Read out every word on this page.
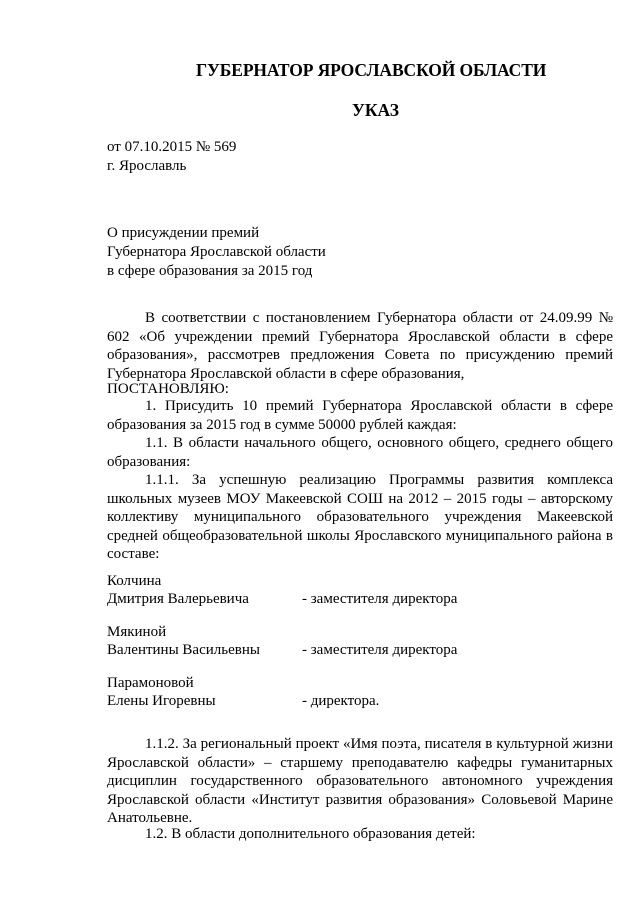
ГУБЕРНАТОР ЯРОСЛАВСКОЙ ОБЛАСТИ
УКАЗ
от 07.10.2015 № 569
г. Ярославль
О присуждении премий
Губернатора Ярославской области
в сфере образования за 2015 год
В соответствии с постановлением Губернатора области от 24.09.99 № 602 «Об учреждении премий Губернатора Ярославской области в сфере образования», рассмотрев предложения Совета по присуждению премий Губернатора Ярославской области в сфере образования,
ПОСТАНОВЛЯЮ:
1. Присудить 10 премий Губернатора Ярославской области в сфере образования за 2015 год в сумме 50000 рублей каждая:
1.1. В области начального общего, основного общего, среднего общего образования:
1.1.1. За успешную реализацию Программы развития комплекса школьных музеев МОУ Макеевской СОШ на 2012 – 2015 годы – авторскому коллективу муниципального образовательного учреждения Макеевской средней общеобразовательной школы Ярославского муниципального района в составе:
Колчина
Дмитрия Валерьевича	- заместителя директора
Мякиной
Валентины Васильевны	- заместителя директора
Парамоновой
Елены Игоревны	- директора.
1.1.2. За региональный проект «Имя поэта, писателя в культурной жизни Ярославской области» – старшему преподавателю кафедры гуманитарных дисциплин государственного образовательного автономного учреждения Ярославской области «Институт развития образования» Соловьевой Марине Анатольевне.
1.2. В области дополнительного образования детей:
